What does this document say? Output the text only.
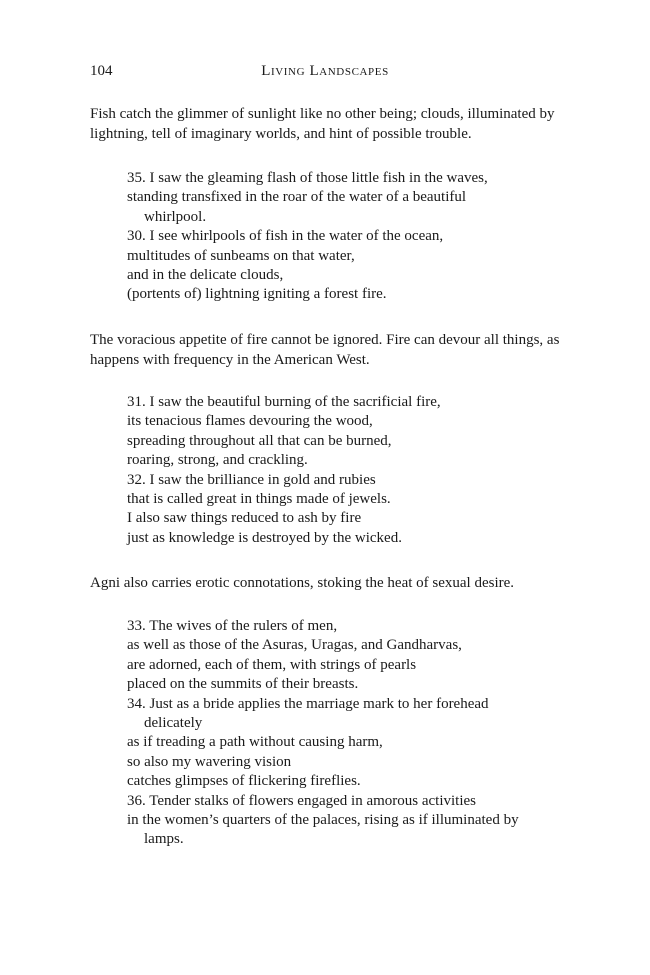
104	Living Landscapes

Fish catch the glimmer of sunlight like no other being; clouds, illuminated by lightning, tell of imaginary worlds, and hint of possible trouble.

35. I saw the gleaming flash of those little fish in the waves,
standing transfixed in the roar of the water of a beautiful
whirlpool.
30. I see whirlpools of fish in the water of the ocean,
multitudes of sunbeams on that water,
and in the delicate clouds,
(portents of) lightning igniting a forest fire.

The voracious appetite of fire cannot be ignored. Fire can devour all things, as happens with frequency in the American West.

31. I saw the beautiful burning of the sacrificial fire,
its tenacious flames devouring the wood,
spreading throughout all that can be burned,
roaring, strong, and crackling.
32. I saw the brilliance in gold and rubies
that is called great in things made of jewels.
I also saw things reduced to ash by fire
just as knowledge is destroyed by the wicked.

Agni also carries erotic connotations, stoking the heat of sexual desire.

33. The wives of the rulers of men,
as well as those of the Asuras, Uragas, and Gandharvas,
are adorned, each of them, with strings of pearls
placed on the summits of their breasts.
34. Just as a bride applies the marriage mark to her forehead
delicately
as if treading a path without causing harm,
so also my wavering vision
catches glimpses of flickering fireflies.
36. Tender stalks of flowers engaged in amorous activities
in the women’s quarters of the palaces, rising as if illuminated by
lamps.
